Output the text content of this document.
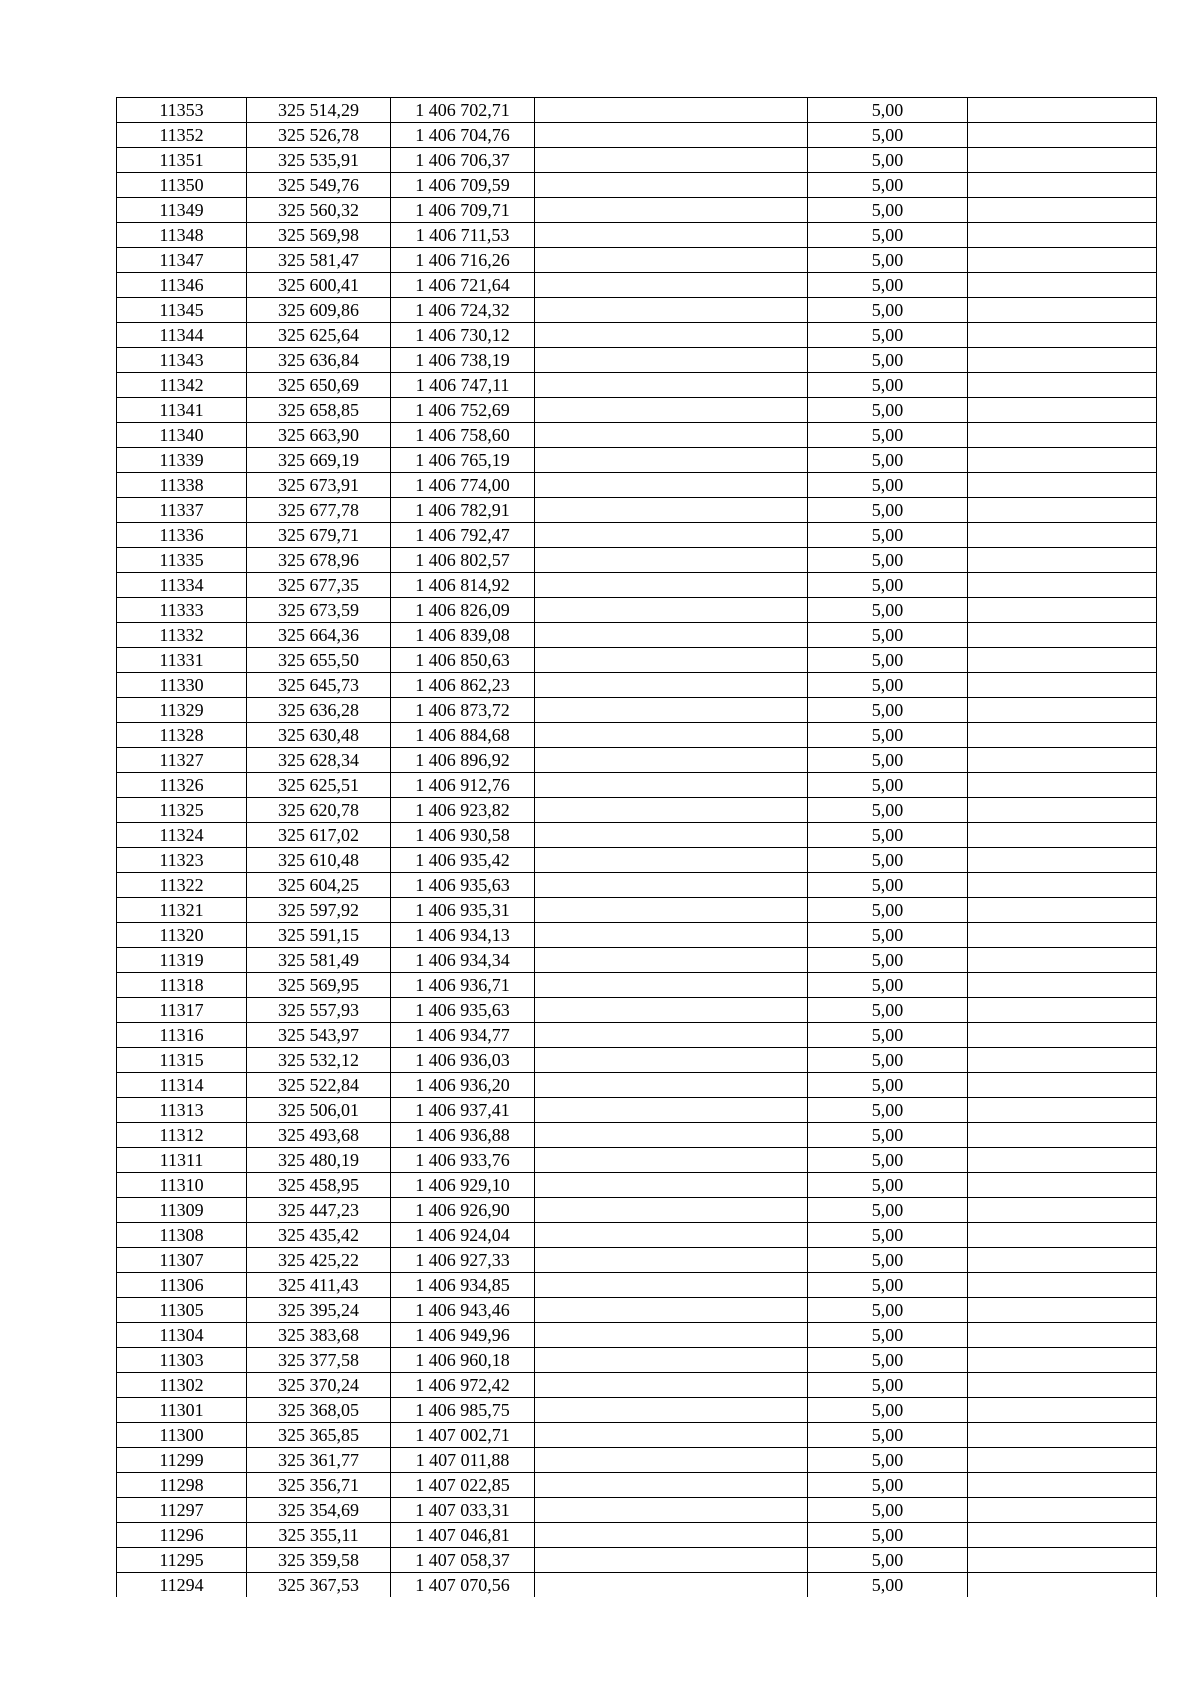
11353	325 514,29	1 406 702,71		5,00	
11352	325 526,78	1 406 704,76		5,00	
11351	325 535,91	1 406 706,37		5,00	
11350	325 549,76	1 406 709,59		5,00	
11349	325 560,32	1 406 709,71		5,00	
11348	325 569,98	1 406 711,53		5,00	
11347	325 581,47	1 406 716,26		5,00	
11346	325 600,41	1 406 721,64		5,00	
11345	325 609,86	1 406 724,32		5,00	
11344	325 625,64	1 406 730,12		5,00	
11343	325 636,84	1 406 738,19		5,00	
11342	325 650,69	1 406 747,11		5,00	
11341	325 658,85	1 406 752,69		5,00	
11340	325 663,90	1 406 758,60		5,00	
11339	325 669,19	1 406 765,19		5,00	
11338	325 673,91	1 406 774,00		5,00	
11337	325 677,78	1 406 782,91		5,00	
11336	325 679,71	1 406 792,47		5,00	
11335	325 678,96	1 406 802,57		5,00	
11334	325 677,35	1 406 814,92		5,00	
11333	325 673,59	1 406 826,09		5,00	
11332	325 664,36	1 406 839,08		5,00	
11331	325 655,50	1 406 850,63		5,00	
11330	325 645,73	1 406 862,23		5,00	
11329	325 636,28	1 406 873,72		5,00	
11328	325 630,48	1 406 884,68		5,00	
11327	325 628,34	1 406 896,92		5,00	
11326	325 625,51	1 406 912,76		5,00	
11325	325 620,78	1 406 923,82		5,00	
11324	325 617,02	1 406 930,58		5,00	
11323	325 610,48	1 406 935,42		5,00	
11322	325 604,25	1 406 935,63		5,00	
11321	325 597,92	1 406 935,31		5,00	
11320	325 591,15	1 406 934,13		5,00	
11319	325 581,49	1 406 934,34		5,00	
11318	325 569,95	1 406 936,71		5,00	
11317	325 557,93	1 406 935,63		5,00	
11316	325 543,97	1 406 934,77		5,00	
11315	325 532,12	1 406 936,03		5,00	
11314	325 522,84	1 406 936,20		5,00	
11313	325 506,01	1 406 937,41		5,00	
11312	325 493,68	1 406 936,88		5,00	
11311	325 480,19	1 406 933,76		5,00	
11310	325 458,95	1 406 929,10		5,00	
11309	325 447,23	1 406 926,90		5,00	
11308	325 435,42	1 406 924,04		5,00	
11307	325 425,22	1 406 927,33		5,00	
11306	325 411,43	1 406 934,85		5,00	
11305	325 395,24	1 406 943,46		5,00	
11304	325 383,68	1 406 949,96		5,00	
11303	325 377,58	1 406 960,18		5,00	
11302	325 370,24	1 406 972,42		5,00	
11301	325 368,05	1 406 985,75		5,00	
11300	325 365,85	1 407 002,71		5,00	
11299	325 361,77	1 407 011,88		5,00	
11298	325 356,71	1 407 022,85		5,00	
11297	325 354,69	1 407 033,31		5,00	
11296	325 355,11	1 407 046,81		5,00	
11295	325 359,58	1 407 058,37		5,00	
11294	325 367,53	1 407 070,56		5,00	
